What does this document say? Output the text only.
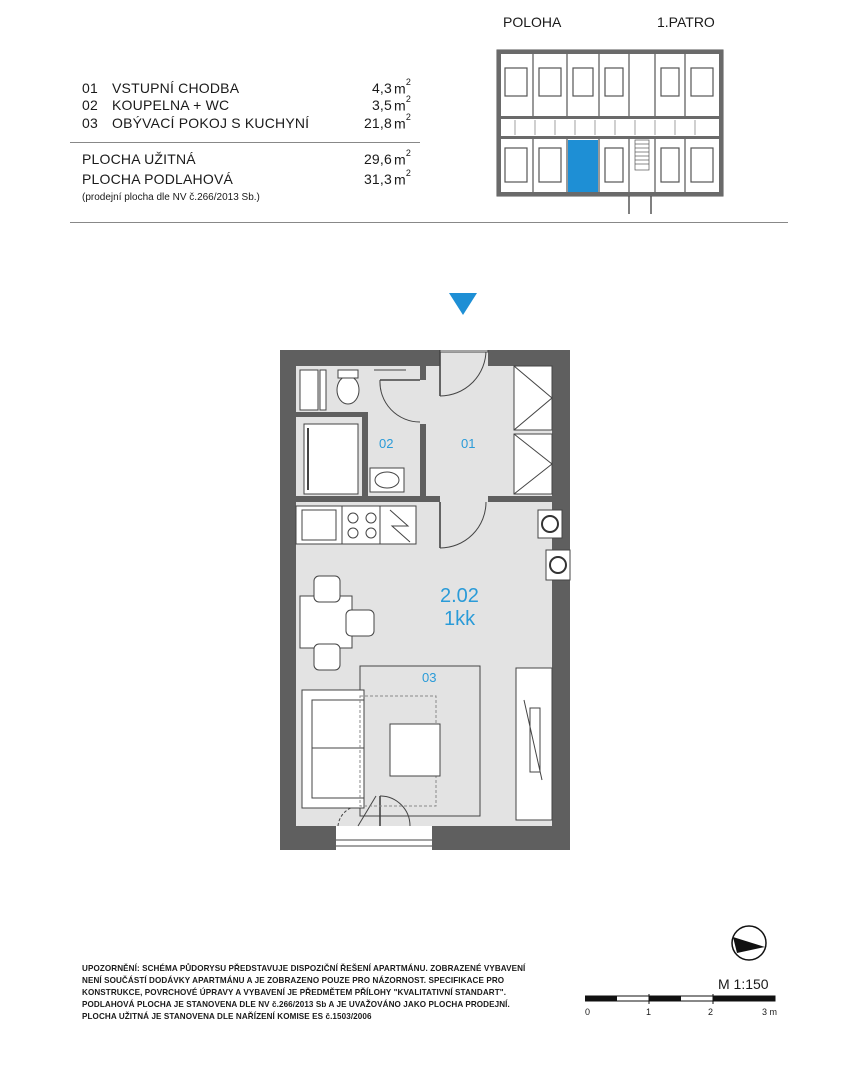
01 VSTUPNÍ CHODBA	4,3 $m^2$
02 KOUPELNA + WC	3,5 $m^2$
03 OBÝVACÍ POKOJ S KUCHYNÍ	21,8 $m^2$
PLOCHA UŽITNÁ	29,6 $m^2$
PLOCHA PODLAHOVÁ	31,3 $m^2$
(prodejní plocha dle NV č.266/2013 Sb.)
POLOHA	1.PATRO
02	01
03
2.02
1kk
UPOZORNĚNÍ: SCHÉMA PŮDORYSU PŘEDSTAVUJE DISPOZIČNÍ ŘEŠENÍ APARTMÁNU. ZOBRAZENÉ VYBAVENÍ
NENÍ SOUČÁSTÍ DODÁVKY APARTMÁNU A JE ZOBRAZENO POUZE PRO NÁZORNOST. SPECIFIKACE PRO
KONSTRUKCE, POVRCHOVÉ ÚPRAVY A VYBAVENÍ JE PŘEDMĚTEM PŘÍLOHY "KVALITATIVNÍ STANDART".
PODLAHOVÁ PLOCHA JE STANOVENA DLE NV č.266/2013 Sb A JE UVAŽOVÁNO JAKO PLOCHA PRODEJNÍ.
PLOCHA UŽITNÁ JE STANOVENA DLE NAŘÍZENÍ KOMISE ES č.1503/2006
M 1:150
0	1	2	3 m
